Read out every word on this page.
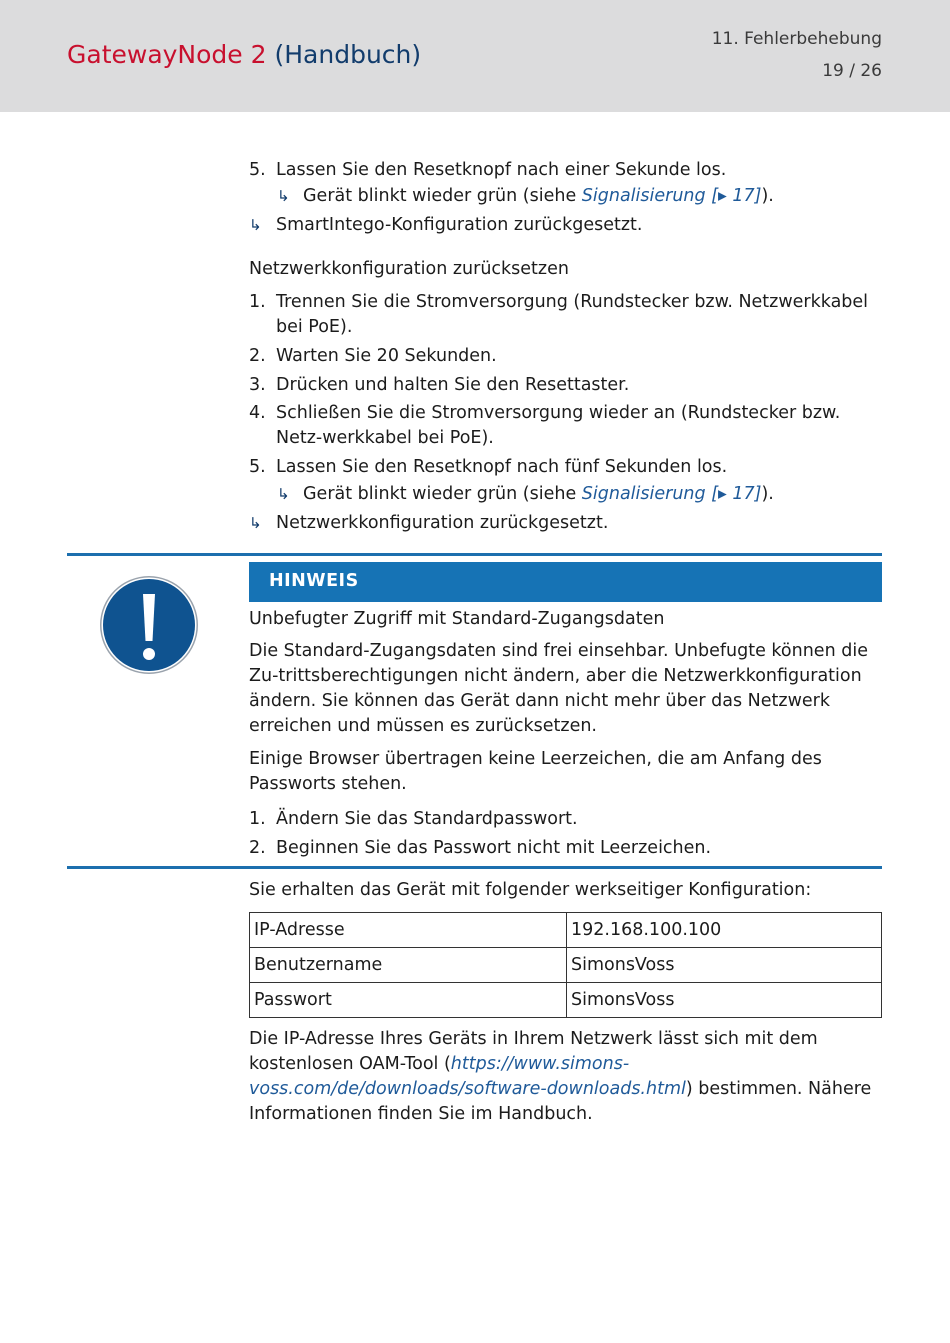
GatewayNode 2 (Handbuch)
11. Fehlerbehebung
19 / 26
5. Lassen Sie den Resetknopf nach einer Sekunde los.
↳ Gerät blinkt wieder grün (siehe Signalisierung [▸ 17]).
↳ SmartIntego-Konfiguration zurückgesetzt.
Netzwerkkonfiguration zurücksetzen
1. Trennen Sie die Stromversorgung (Rundstecker bzw. Netzwerkkabel bei PoE).
2. Warten Sie 20 Sekunden.
3. Drücken und halten Sie den Resettaster.
4. Schließen Sie die Stromversorgung wieder an (Rundstecker bzw. Netz-werkkabel bei PoE).
5. Lassen Sie den Resetknopf nach fünf Sekunden los.
↳ Gerät blinkt wieder grün (siehe Signalisierung [▸ 17]).
↳ Netzwerkkonfiguration zurückgesetzt.
HINWEIS
Unbefugter Zugriff mit Standard-Zugangsdaten
Die Standard-Zugangsdaten sind frei einsehbar. Unbefugte können die Zu-trittsberechtigungen nicht ändern, aber die Netzwerkkonfiguration ändern. Sie können das Gerät dann nicht mehr über das Netzwerk erreichen und müssen es zurücksetzen.
Einige Browser übertragen keine Leerzeichen, die am Anfang des Passworts stehen.
1. Ändern Sie das Standardpasswort.
2. Beginnen Sie das Passwort nicht mit Leerzeichen.
Sie erhalten das Gerät mit folgender werkseitiger Konfiguration:
IP-Adresse	192.168.100.100
Benutzername	SimonsVoss
Passwort	SimonsVoss
Die IP-Adresse Ihres Geräts in Ihrem Netzwerk lässt sich mit dem kostenlosen OAM-Tool (https://www.simons-voss.com/de/downloads/software-downloads.html) bestimmen. Nähere Informationen finden Sie im Handbuch.
